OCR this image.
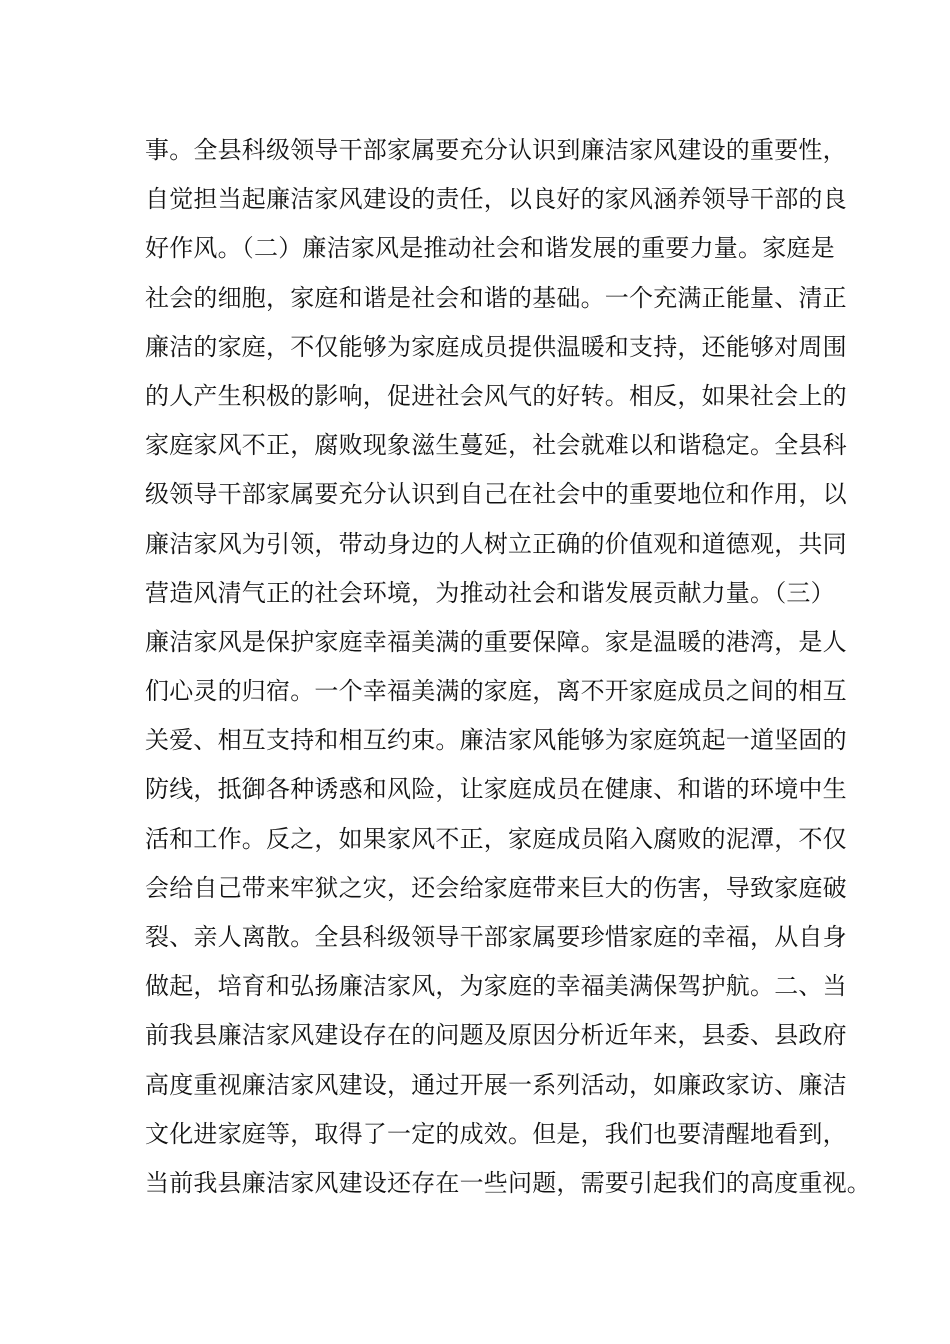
事。全县科级领导干部家属要充分认识到廉洁家风建设的重要性，
自觉担当起廉洁家风建设的责任，以良好的家风涵养领导干部的良
好作风。（二）廉洁家风是推动社会和谐发展的重要力量。家庭是
社会的细胞，家庭和谐是社会和谐的基础。一个充满正能量、清正
廉洁的家庭，不仅能够为家庭成员提供温暖和支持，还能够对周围
的人产生积极的影响，促进社会风气的好转。相反，如果社会上的
家庭家风不正，腐败现象滋生蔓延，社会就难以和谐稳定。全县科
级领导干部家属要充分认识到自己在社会中的重要地位和作用，以
廉洁家风为引领，带动身边的人树立正确的价值观和道德观，共同
营造风清气正的社会环境，为推动社会和谐发展贡献力量。（三）
廉洁家风是保护家庭幸福美满的重要保障。家是温暖的港湾，是人
们心灵的归宿。一个幸福美满的家庭，离不开家庭成员之间的相互
关爱、相互支持和相互约束。廉洁家风能够为家庭筑起一道坚固的
防线，抵御各种诱惑和风险，让家庭成员在健康、和谐的环境中生
活和工作。反之，如果家风不正，家庭成员陷入腐败的泥潭，不仅
会给自己带来牢狱之灾，还会给家庭带来巨大的伤害，导致家庭破
裂、亲人离散。全县科级领导干部家属要珍惜家庭的幸福，从自身
做起，培育和弘扬廉洁家风，为家庭的幸福美满保驾护航。二、当
前我县廉洁家风建设存在的问题及原因分析近年来，县委、县政府
高度重视廉洁家风建设，通过开展一系列活动，如廉政家访、廉洁
文化进家庭等，取得了一定的成效。但是，我们也要清醒地看到，
当前我县廉洁家风建设还存在一些问题，需要引起我们的高度重视。
